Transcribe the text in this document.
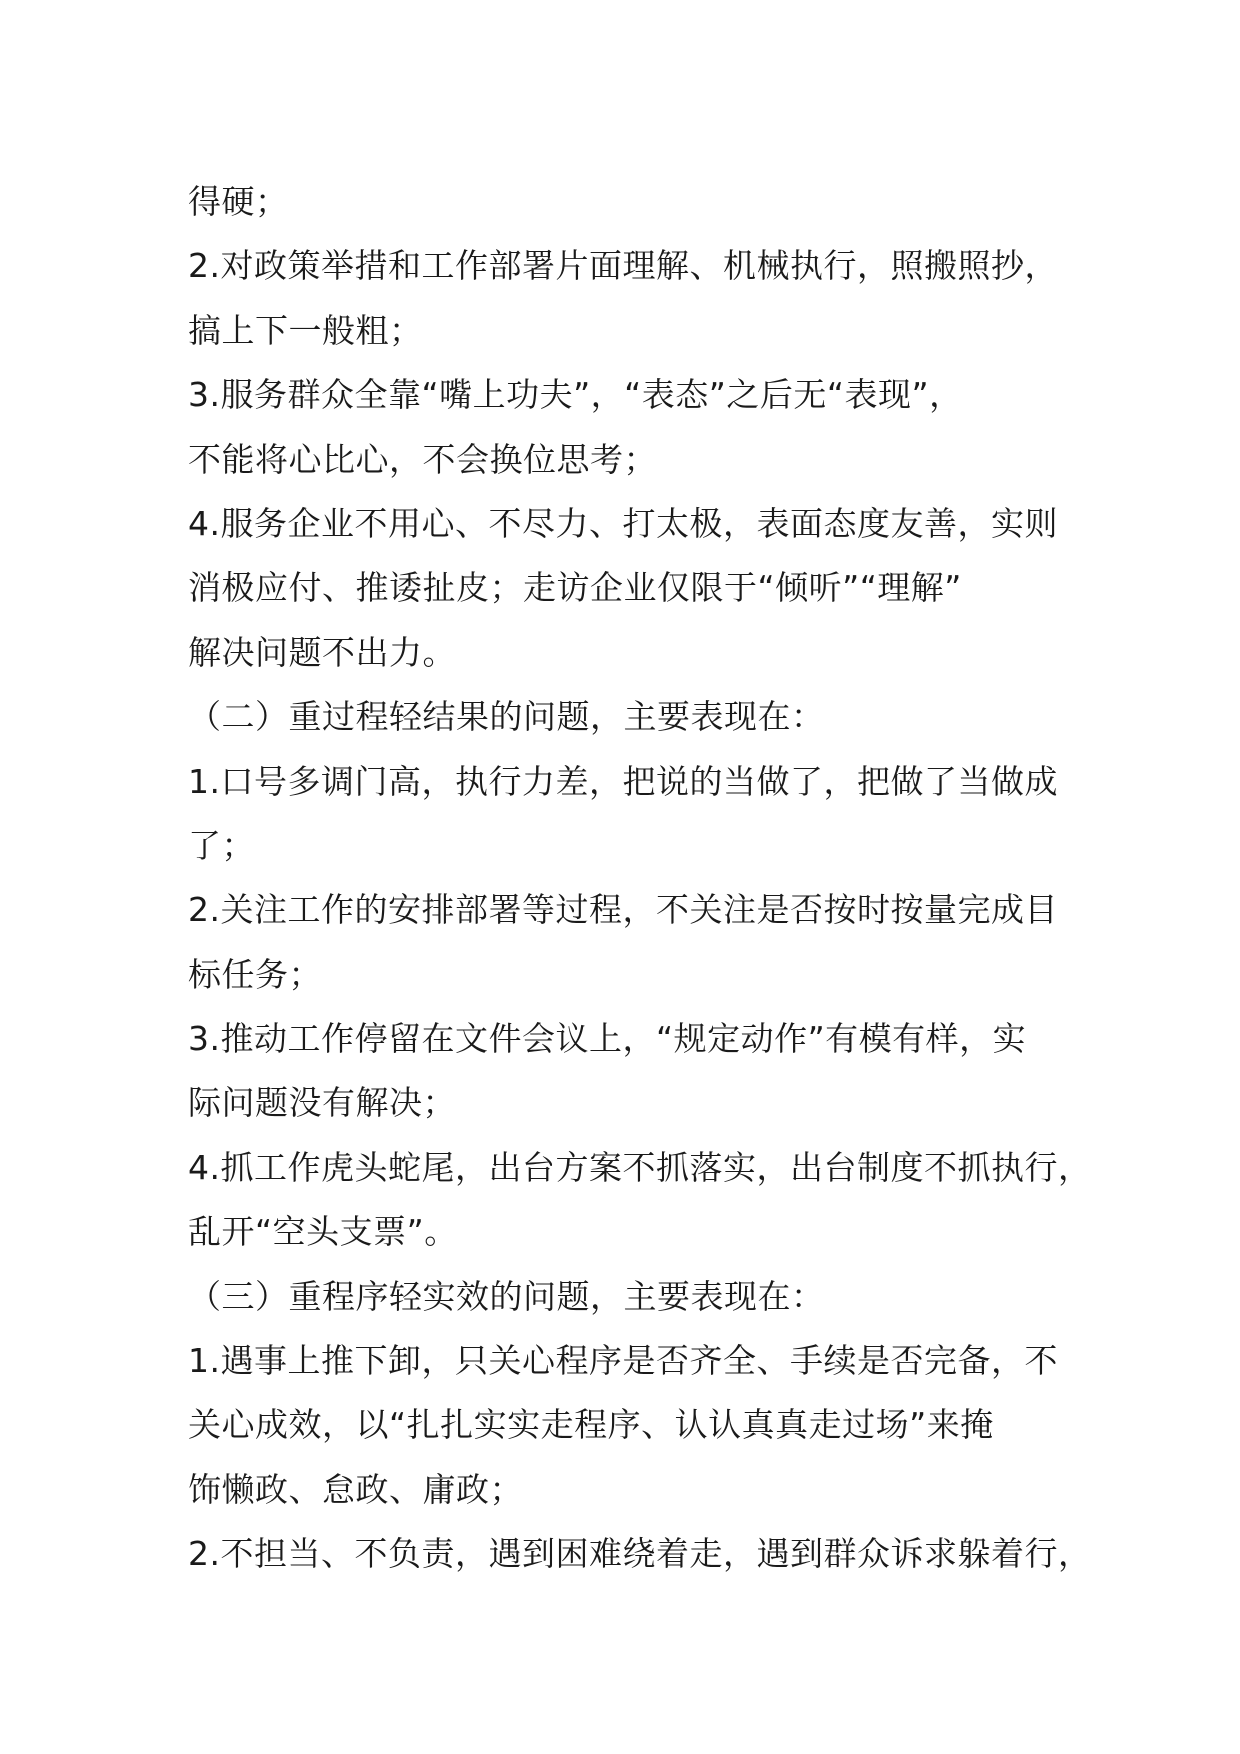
得硬；
2.对政策举措和工作部署片面理解、机械执行，照搬照抄，
搞上下一般粗；
3.服务群众全靠“嘴上功夫”，“表态”之后无“表现”，
不能将心比心，不会换位思考；
4.服务企业不用心、不尽力、打太极，表面态度友善，实则
消极应付、推诿扯皮；走访企业仅限于“倾听”“理解”
解决问题不出力。
（二）重过程轻结果的问题，主要表现在：
1.口号多调门高，执行力差，把说的当做了，把做了当做成
了；
2.关注工作的安排部署等过程，不关注是否按时按量完成目
标任务；
3.推动工作停留在文件会议上，“规定动作”有模有样，实
际问题没有解决；
4.抓工作虎头蛇尾，出台方案不抓落实，出台制度不抓执行，
乱开“空头支票”。
（三）重程序轻实效的问题，主要表现在：
1.遇事上推下卸，只关心程序是否齐全、手续是否完备，不
关心成效，以“扎扎实实走程序、认认真真走过场”来掩
饰懒政、怠政、庸政；
2.不担当、不负责，遇到困难绕着走，遇到群众诉求躲着行，
